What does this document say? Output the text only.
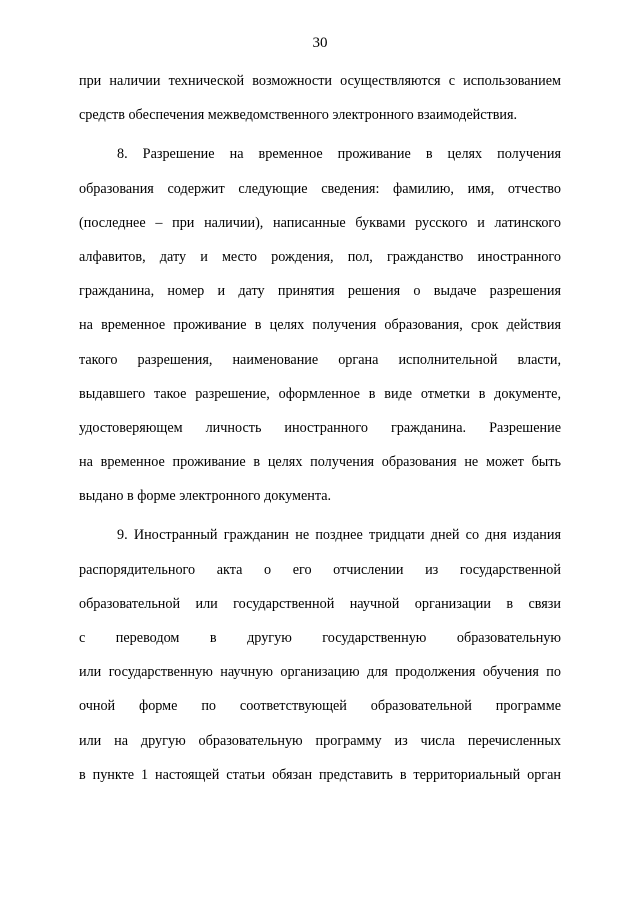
30
при наличии технической возможности осуществляются с использованием
средств обеспечения межведомственного электронного взаимодействия.
8. Разрешение на временное проживание в целях получения
образования содержит следующие сведения: фамилию, имя, отчество
(последнее – при наличии), написанные буквами русского и латинского
алфавитов, дату и место рождения, пол, гражданство иностранного
гражданина, номер и дату принятия решения о выдаче разрешения
на временное проживание в целях получения образования, срок действия
такого разрешения, наименование органа исполнительной власти,
выдавшего такое разрешение, оформленное в виде отметки в документе,
удостоверяющем личность иностранного гражданина. Разрешение
на временное проживание в целях получения образования не может быть
выдано в форме электронного документа.
9. Иностранный гражданин не позднее тридцати дней со дня издания
распорядительного акта о его отчислении из государственной
образовательной или государственной научной организации в связи
с переводом в другую государственную образовательную
или государственную научную организацию для продолжения обучения по
очной форме по соответствующей образовательной программе
или на другую образовательную программу из числа перечисленных
в пункте 1 настоящей статьи обязан представить в территориальный орган
